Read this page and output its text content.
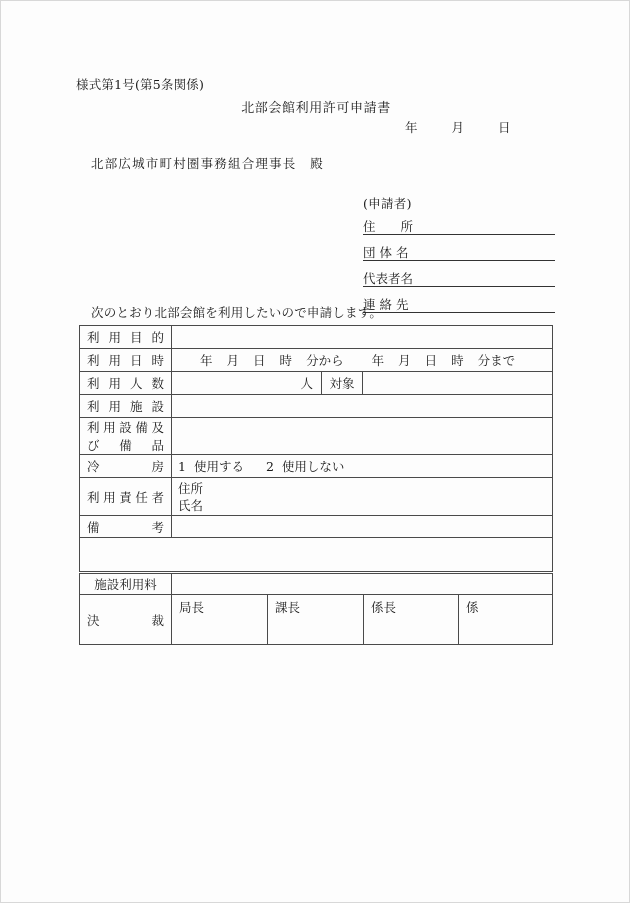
様式第1号(第5条関係)
北部会館利用許可申請書
年	月	日
北部広城市町村圏事務組合理事長　殿
(申請者)
住　　所
団 体 名
代表者名
連 絡 先
次のとおり北部会館を利用したいので申請します。
利用目的			

利用日時	年 月 日 時 分から 年 月 日 時 分まで		

利用人数	人	対象	

利用施設			

利用設備及
び　備　品			

冷　　房	1 使用する 2 使用しない		

利用責任者	住所
氏名		

備　　考			

施設利用料				

決　　裁	局長	課長	係長	係
